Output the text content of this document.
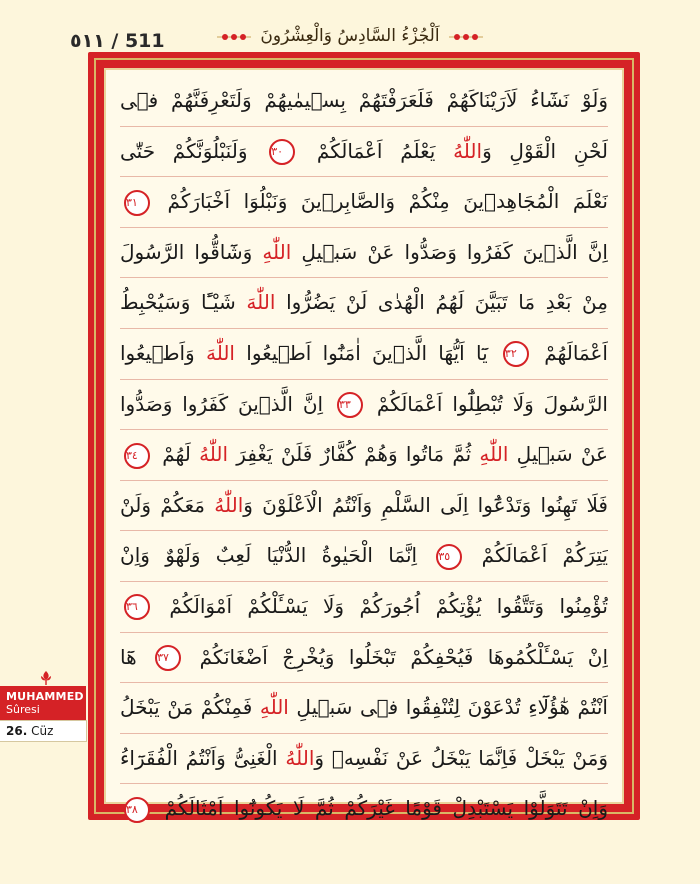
٥١١ / 511	اَلْجُزْءُ السَّادِسُ وَالْعِشْرُونَ
وَلَوْ نَشَٓاءُ لَاَرَيْنَاكَهُمْ فَلَعَرَفْتَهُمْ بِسٖيمٰيهُمْ وَلَتَعْرِفَنَّهُمْ فٖى
لَحْنِ الْقَوْلِ وَاللّٰهُ يَعْلَمُ اَعْمَالَكُمْ ٣٠ وَلَنَبْلُوَنَّكُمْ حَتّٰى
نَعْلَمَ الْمُجَاهِدٖينَ مِنْكُمْ وَالصَّابِرٖينَ وَنَبْلُوَا اَخْبَارَكُمْ ٣١
اِنَّ الَّذٖينَ كَفَرُوا وَصَدُّوا عَنْ سَبٖيلِ اللّٰهِ وَشَٓاقُّوا الرَّسُولَ
مِنْ بَعْدِ مَا تَبَيَّنَ لَهُمُ الْهُدٰى لَنْ يَضُرُّوا اللّٰهَ شَيْـًٔا وَسَيُحْبِطُ
اَعْمَالَهُمْ ٣٢ يَٓا اَيُّهَا الَّذٖينَ اٰمَنُٓوا اَطٖيعُوا اللّٰهَ وَاَطٖيعُوا
الرَّسُولَ وَلَا تُبْطِلُٓوا اَعْمَالَكُمْ ٣٣ اِنَّ الَّذٖينَ كَفَرُوا وَصَدُّوا
عَنْ سَبٖيلِ اللّٰهِ ثُمَّ مَاتُوا وَهُمْ كُفَّارٌ فَلَنْ يَغْفِرَ اللّٰهُ لَهُمْ ٣٤
فَلَا تَهِنُوا وَتَدْعُٓوا اِلَى السَّلْمِ وَاَنْتُمُ الْاَعْلَوْنَ وَاللّٰهُ مَعَكُمْ وَلَنْ
يَتِرَكُمْ اَعْمَالَكُمْ ٣٥ اِنَّمَا الْحَيٰوةُ الدُّنْيَا لَعِبٌ وَلَهْوٌ وَاِنْ
تُؤْمِنُوا وَتَتَّقُوا يُؤْتِكُمْ اُجُورَكُمْ وَلَا يَسْـَٔلْكُمْ اَمْوَالَكُمْ ٣٦
اِنْ يَسْـَٔلْكُمُوهَا فَيُحْفِكُمْ تَبْخَلُوا وَيُخْرِجْ اَضْغَانَكُمْ ٣٧ هَٓا
اَنْتُمْ هٰٓؤُلَٓاءِ تُدْعَوْنَ لِتُنْفِقُوا فٖى سَبٖيلِ اللّٰهِ فَمِنْكُمْ مَنْ يَبْخَلُ
وَمَنْ يَبْخَلْ فَاِنَّمَا يَبْخَلُ عَنْ نَفْسِهٖ وَاللّٰهُ الْغَنِىُّ وَاَنْتُمُ الْفُقَرَٓاءُ
وَاِنْ تَتَوَلَّوْا يَسْتَبْدِلْ قَوْمًا غَيْرَكُمْ ثُمَّ لَا يَكُونُٓوا اَمْثَالَكُمْ ٣٨
MUHAMMED
Sûresi
26. Cüz
